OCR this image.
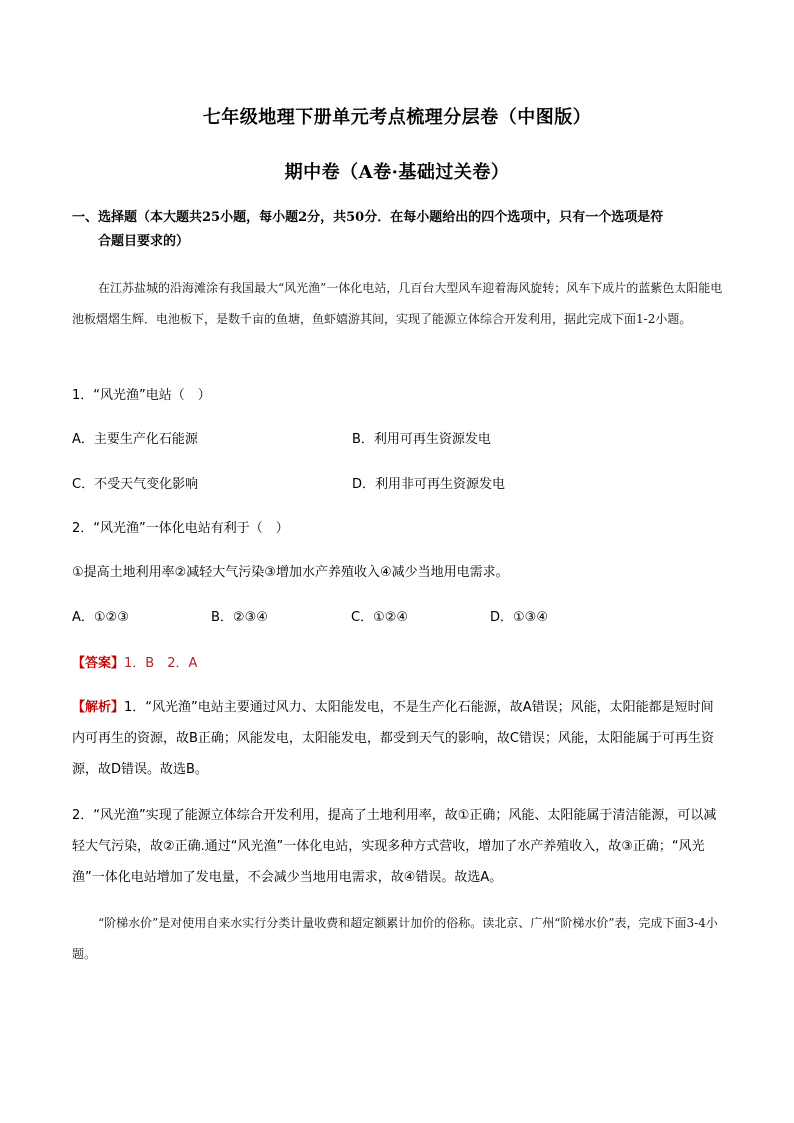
七年级地理下册单元考点梳理分层卷（中图版）
期中卷（A卷·基础过关卷）
一、选择题（本大题共25小题，每小题2分，共50分．在每小题给出的四个选项中，只有一个选项是符
合题目要求的）
在江苏盐城的沿海滩涂有我国最大“风光渔”一体化电站，几百台大型风车迎着海风旋转；风车下成片的蓝紫色太阳能电池板熠熠生辉．电池板下，是数千亩的鱼塘，鱼虾嬉游其间，实现了能源立体综合开发利用，据此完成下面1-2小题。
1．“风光渔”电站（　）
A．主要生产化石能源	B．利用可再生资源发电
C．不受天气变化影响	D．利用非可再生资源发电
2．“风光渔”一体化电站有利于（　）
①提高土地利用率②减轻大气污染③增加水产养殖收入④减少当地用电需求。
A．①②③	B．②③④	C．①②④	D．①③④
【答案】1．B　2．A
【解析】1．“风光渔”电站主要通过风力、太阳能发电，不是生产化石能源，故A错误；风能，太阳能都是短时间内可再生的资源，故B正确；风能发电，太阳能发电，都受到天气的影响，故C错误；风能，太阳能属于可再生资源，故D错误。故选B。
2．“风光渔”实现了能源立体综合开发利用，提高了土地利用率，故①正确；风能、太阳能属于清洁能源，可以减轻大气污染，故②正确.通过“风光渔”一体化电站，实现多种方式营收，增加了水产养殖收入，故③正确；“风光渔”一体化电站增加了发电量，不会减少当地用电需求，故④错误。故选A。
“阶梯水价”是对使用自来水实行分类计量收费和超定额累计加价的俗称。读北京、广州“阶梯水价”表，完成下面3-4小题。
